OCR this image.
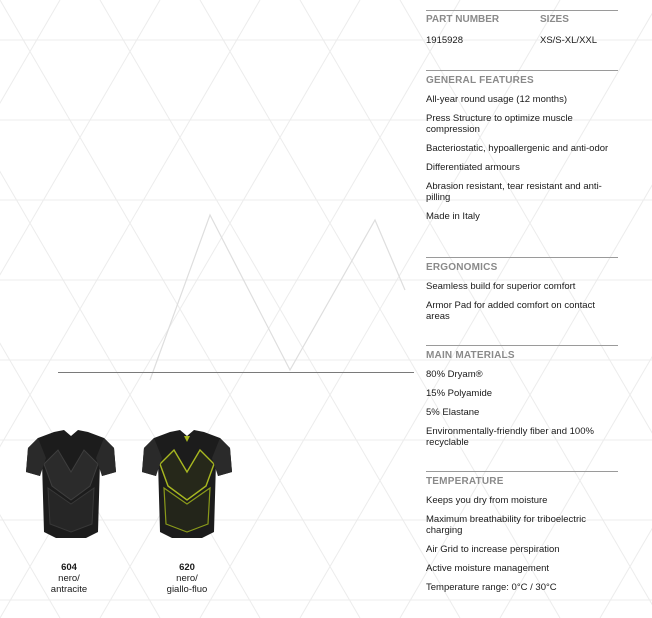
PART NUMBER
1915928
SIZES
XS/S-XL/XXL
GENERAL FEATURES
All-year round usage (12 months)
Press Structure to optimize muscle compression
Bacteriostatic, hypoallergenic and anti-odor
Differentiated armours
Abrasion resistant, tear resistant and anti-pilling
Made in Italy
ERGONOMICS
Seamless build for superior comfort
Armor Pad for added comfort on contact areas
MAIN MATERIALS
80% Dryam®
15% Polyamide
5% Elastane
Environmentally-friendly fiber and 100% recyclable
TEMPERATURE
Keeps you dry from moisture
Maximum breathability for triboelectric charging
Air Grid to increase perspiration
Active moisture management
Temperature range: 0°C / 30°C
604
nero/
antracite
620
nero/
giallo-fluo
